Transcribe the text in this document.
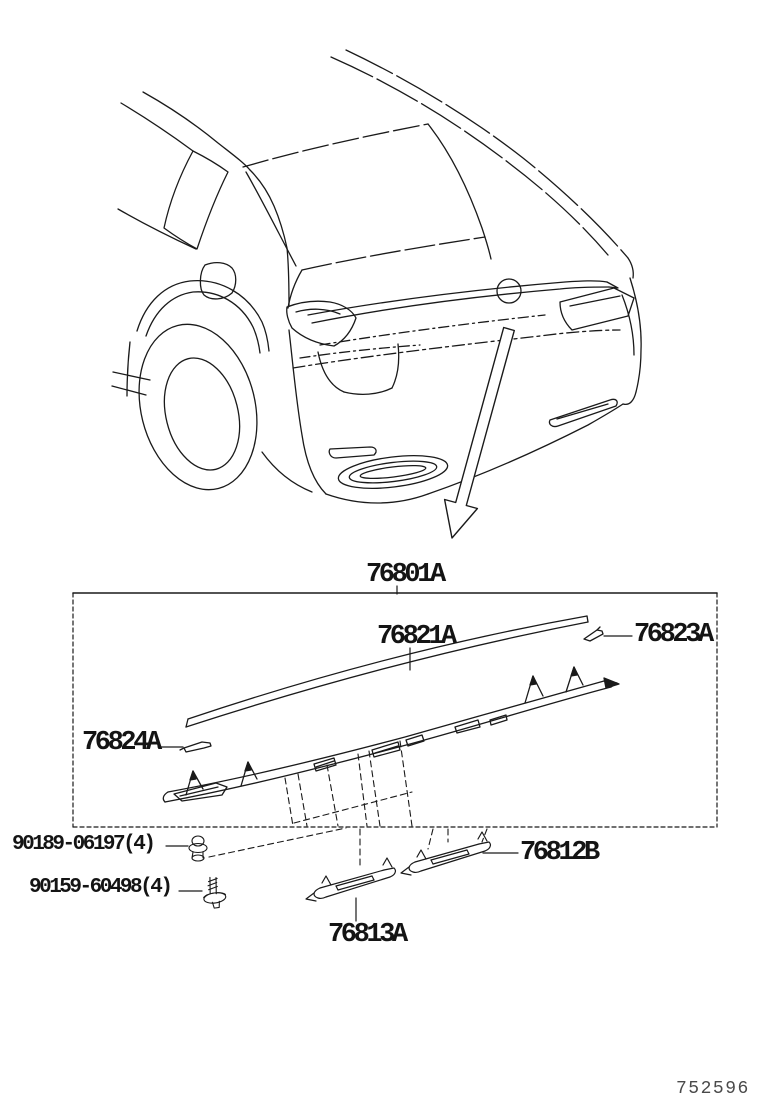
76801A
76821A	76823A
76824A
90189-06197(4)
90159-60498(4)
76812B
76813A
752596
